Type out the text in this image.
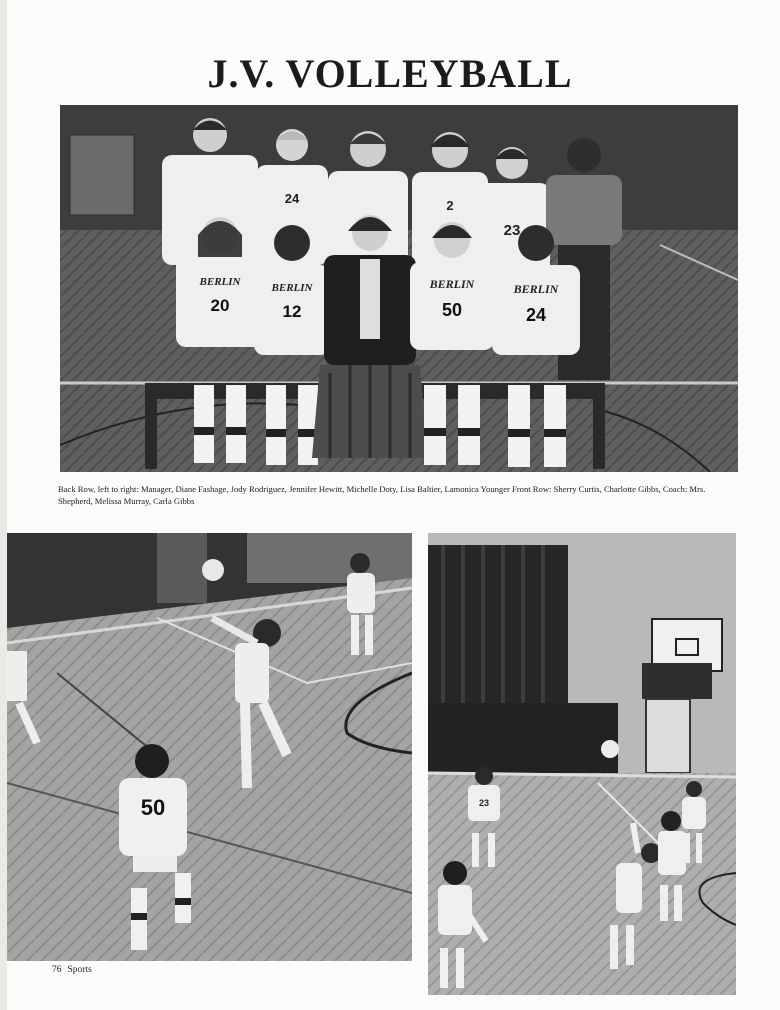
J.V. VOLLEYBALL
24	2
23
BERLIN
20
BERLIN
12
BERLIN
50
BERLIN
24
Back Row, left to right: Manager, Diane Fashage, Jody Rodriguez, Jennifer Hewitt, Michelle Doty, Lisa Baltier, Lamonica Younger Front Row: Sherry Curtis, Charlotte Gibbs, Coach: Mrs. Shepherd, Melissa Murray, Carla Gibbs
50	23
76 Sports
